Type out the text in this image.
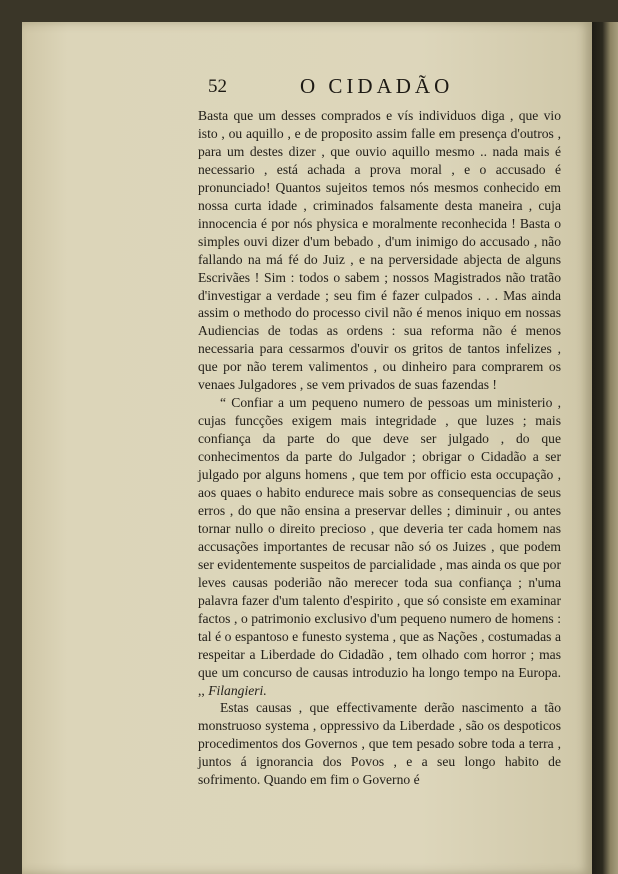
52	O CIDADÃO

Basta que um desses comprados e vís individuos diga , que vio isto , ou aquillo , e de proposito assim falle em presença d'outros , para um destes dizer , que ouvio aquillo mesmo .. nada mais é necessario , está achada a prova moral , e o accusado é pronunciado! Quantos sujeitos temos nós mesmos conhecido em nossa curta idade , criminados falsamente desta maneira , cuja innocencia é por nós physica e moralmente reconhecida ! Basta o simples ouvi dizer d'um bebado , d'um inimigo do accusado , não fallando na má fé do Juiz , e na perversidade abjecta de alguns Escrivães ! Sim : todos o sabem ; nossos Magistrados não tratão d'investigar a verdade ; seu fim é fazer culpados . . . Mas ainda assim o methodo do processo civil não é menos iniquo em nossas Audiencias de todas as ordens : sua reforma não é menos necessaria para cessarmos d'ouvir os gritos de tantos infelizes , que por não terem valimentos , ou dinheiro para comprarem os venaes Julgadores , se vem privados de suas fazendas !

“ Confiar a um pequeno numero de pessoas um ministerio , cujas funcções exigem mais integridade , que luzes ; mais confiança da parte do que deve ser julgado , do que conhecimentos da parte do Julgador ; obrigar o Cidadão a ser julgado por alguns homens , que tem por officio esta occupação , aos quaes o habito endurece mais sobre as consequencias de seus erros , do que não ensina a preservar delles ; diminuir , ou antes tornar nullo o direito precioso , que deveria ter cada homem nas accusações importantes de recusar não só os Juizes , que podem ser evidentemente suspeitos de parcialidade , mas ainda os que por leves causas poderião não merecer toda sua confiança ; n'uma palavra fazer d'um talento d'espirito , que só consiste em examinar factos , o patrimonio exclusivo d'um pequeno numero de homens : tal é o espantoso e funesto systema , que as Nações , costumadas a respeitar a Liberdade do Cidadão , tem olhado com horror ; mas que um concurso de causas introduzio ha longo tempo na Europa. ,, Filangieri.

Estas causas , que effectivamente derão nascimento a tão monstruoso systema , oppressivo da Liberdade , são os despoticos procedimentos dos Governos , que tem pesado sobre toda a terra , juntos á ignorancia dos Povos , e a seu longo habito de sofrimento. Quando em fim o Governo é
